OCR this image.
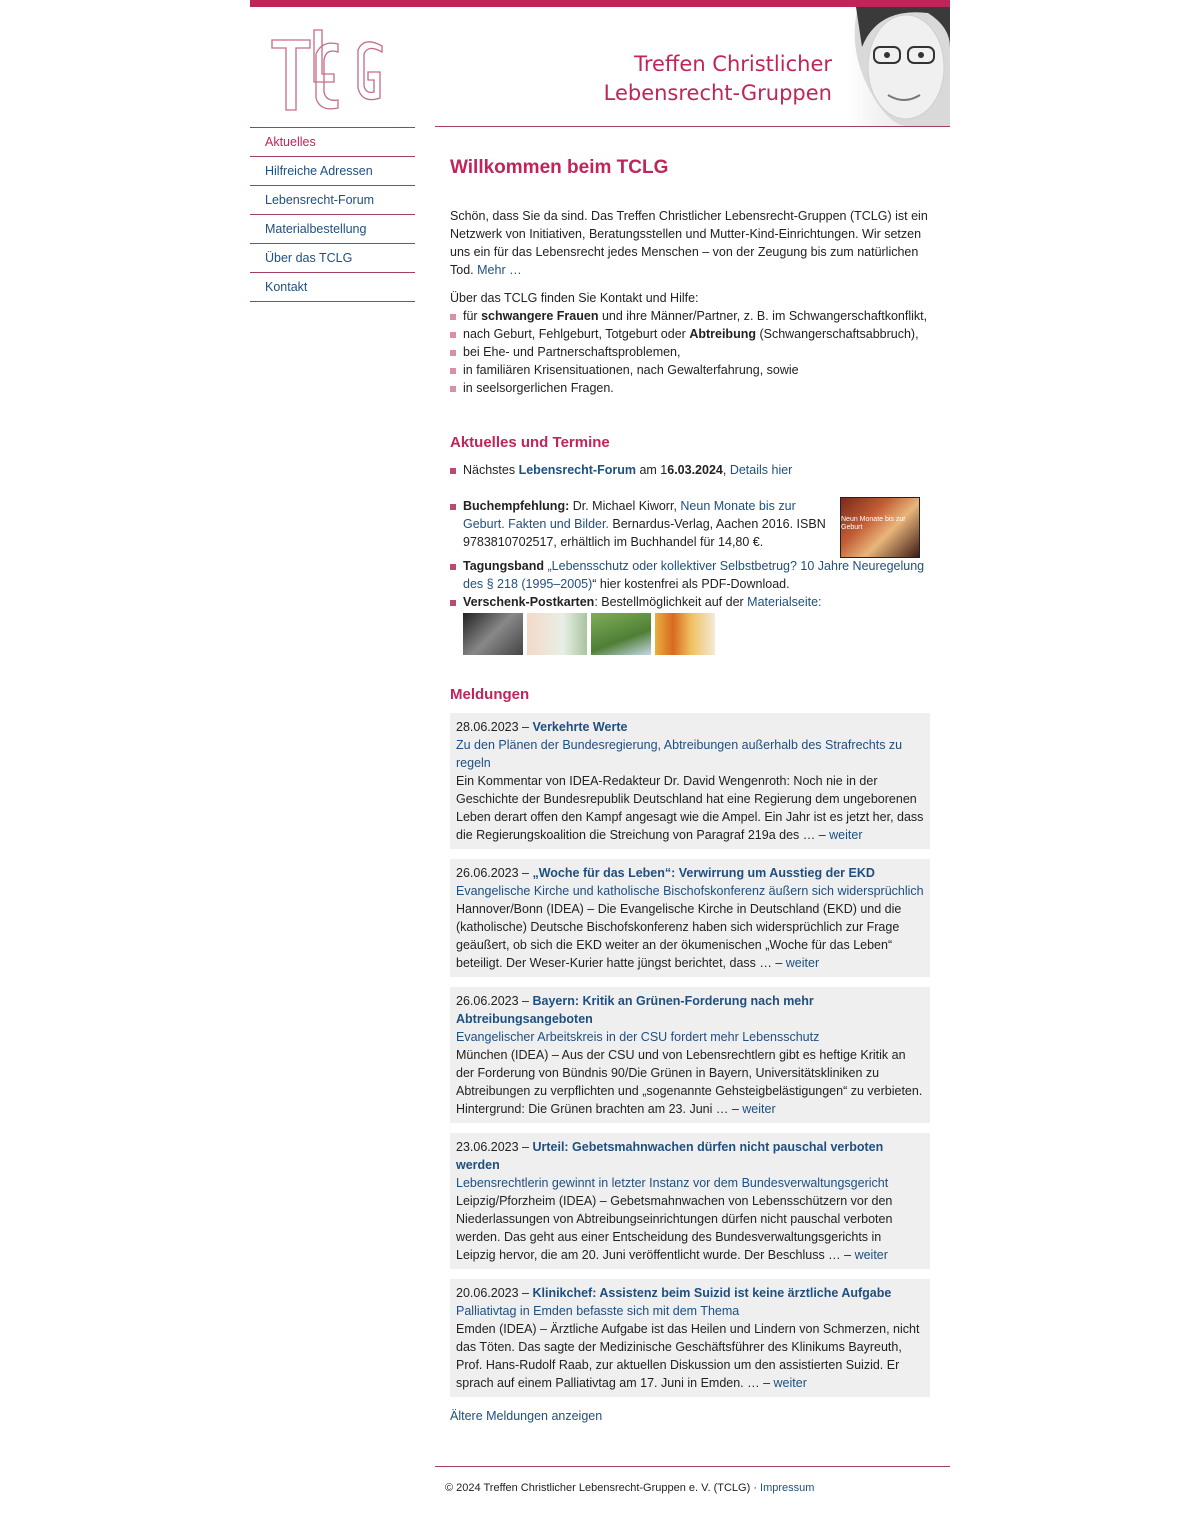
Treffen Christlicher
Lebensrecht-Gruppen
Aktuelles
Hilfreiche Adressen
Lebensrecht-Forum
Materialbestellung
Über das TCLG
Kontakt
Willkommen beim TCLG

Schön, dass Sie da sind. Das Treffen Christlicher Lebensrecht-Gruppen (TCLG) ist ein Netzwerk von Initiativen, Beratungsstellen und Mutter-Kind-Einrichtungen. Wir setzen uns ein für das Lebensrecht jedes Menschen – von der Zeugung bis zum natürlichen Tod. Mehr …

Über das TCLG finden Sie Kontakt und Hilfe:

für schwangere Frauen und ihre Männer/Partner, z. B. im Schwangerschaftkonflikt,
nach Geburt, Fehlgeburt, Totgeburt oder Abtreibung (Schwangerschaftsabbruch),
bei Ehe- und Partnerschaftsproblemen,
in familiären Krisensituationen, nach Gewalterfahrung, sowie
in seelsorgerlichen Fragen.
Aktuelles und Termine
Nächstes Lebensrecht-Forum am 16.03.2024, Details hier
Buchempfehlung: Dr. Michael Kiworr, Neun Monate bis zur Geburt. Fakten und Bilder. Bernardus-Verlag, Aachen 2016. ISBN 9783810702517, erhältlich im Buchhandel für 14,80 €.
Neun Monate bis zur Geburt
Tagungsband „Lebensschutz oder kollektiver Selbstbetrug? 10 Jahre Neuregelung des § 218 (1995–2005)“ hier kostenfrei als PDF-Download.
Verschenk-Postkarten: Bestellmöglichkeit auf der Materialseite:
Meldungen
28.06.2023 – Verkehrte Werte
Zu den Plänen der Bundesregierung, Abtreibungen außerhalb des Strafrechts zu regeln
Ein Kommentar von IDEA-Redakteur Dr. David Wengenroth: Noch nie in der Geschichte der Bundesrepublik Deutschland hat eine Regierung dem ungeborenen Leben derart offen den Kampf angesagt wie die Ampel. Ein Jahr ist es jetzt her, dass die Regierungskoalition die Streichung von Paragraf 219a des … – weiter
26.06.2023 – „Woche für das Leben“: Verwirrung um Ausstieg der EKD
Evangelische Kirche und katholische Bischofskonferenz äußern sich widersprüchlich
Hannover/Bonn (IDEA) – Die Evangelische Kirche in Deutschland (EKD) und die (katholische) Deutsche Bischofskonferenz haben sich widersprüchlich zur Frage geäußert, ob sich die EKD weiter an der ökumenischen „Woche für das Leben“ beteiligt. Der Weser-Kurier hatte jüngst berichtet, dass … – weiter
26.06.2023 – Bayern: Kritik an Grünen-Forderung nach mehr Abtreibungsangeboten
Evangelischer Arbeitskreis in der CSU fordert mehr Lebensschutz
München (IDEA) – Aus der CSU und von Lebensrechtlern gibt es heftige Kritik an der Forderung von Bündnis 90/Die Grünen in Bayern, Universitätskliniken zu Abtreibungen zu verpflichten und „sogenannte Gehsteigbelästigungen“ zu verbieten. Hintergrund: Die Grünen brachten am 23. Juni … – weiter
23.06.2023 – Urteil: Gebetsmahnwachen dürfen nicht pauschal verboten werden
Lebensrechtlerin gewinnt in letzter Instanz vor dem Bundesverwaltungsgericht
Leipzig/Pforzheim (IDEA) – Gebetsmahnwachen von Lebensschützern vor den Niederlassungen von Abtreibungseinrichtungen dürfen nicht pauschal verboten werden. Das geht aus einer Entscheidung des Bundesverwaltungsgerichts in Leipzig hervor, die am 20. Juni veröffentlicht wurde. Der Beschluss … – weiter
20.06.2023 – Klinikchef: Assistenz beim Suizid ist keine ärztliche Aufgabe
Palliativtag in Emden befasste sich mit dem Thema
Emden (IDEA) – Ärztliche Aufgabe ist das Heilen und Lindern von Schmerzen, nicht das Töten. Das sagte der Medizinische Geschäftsführer des Klinikums Bayreuth, Prof. Hans-Rudolf Raab, zur aktuellen Diskussion um den assistierten Suizid. Er sprach auf einem Palliativtag am 17. Juni in Emden. … – weiter
Ältere Meldungen anzeigen
© 2024 Treffen Christlicher Lebensrecht-Gruppen e. V. (TCLG) · Impressum
